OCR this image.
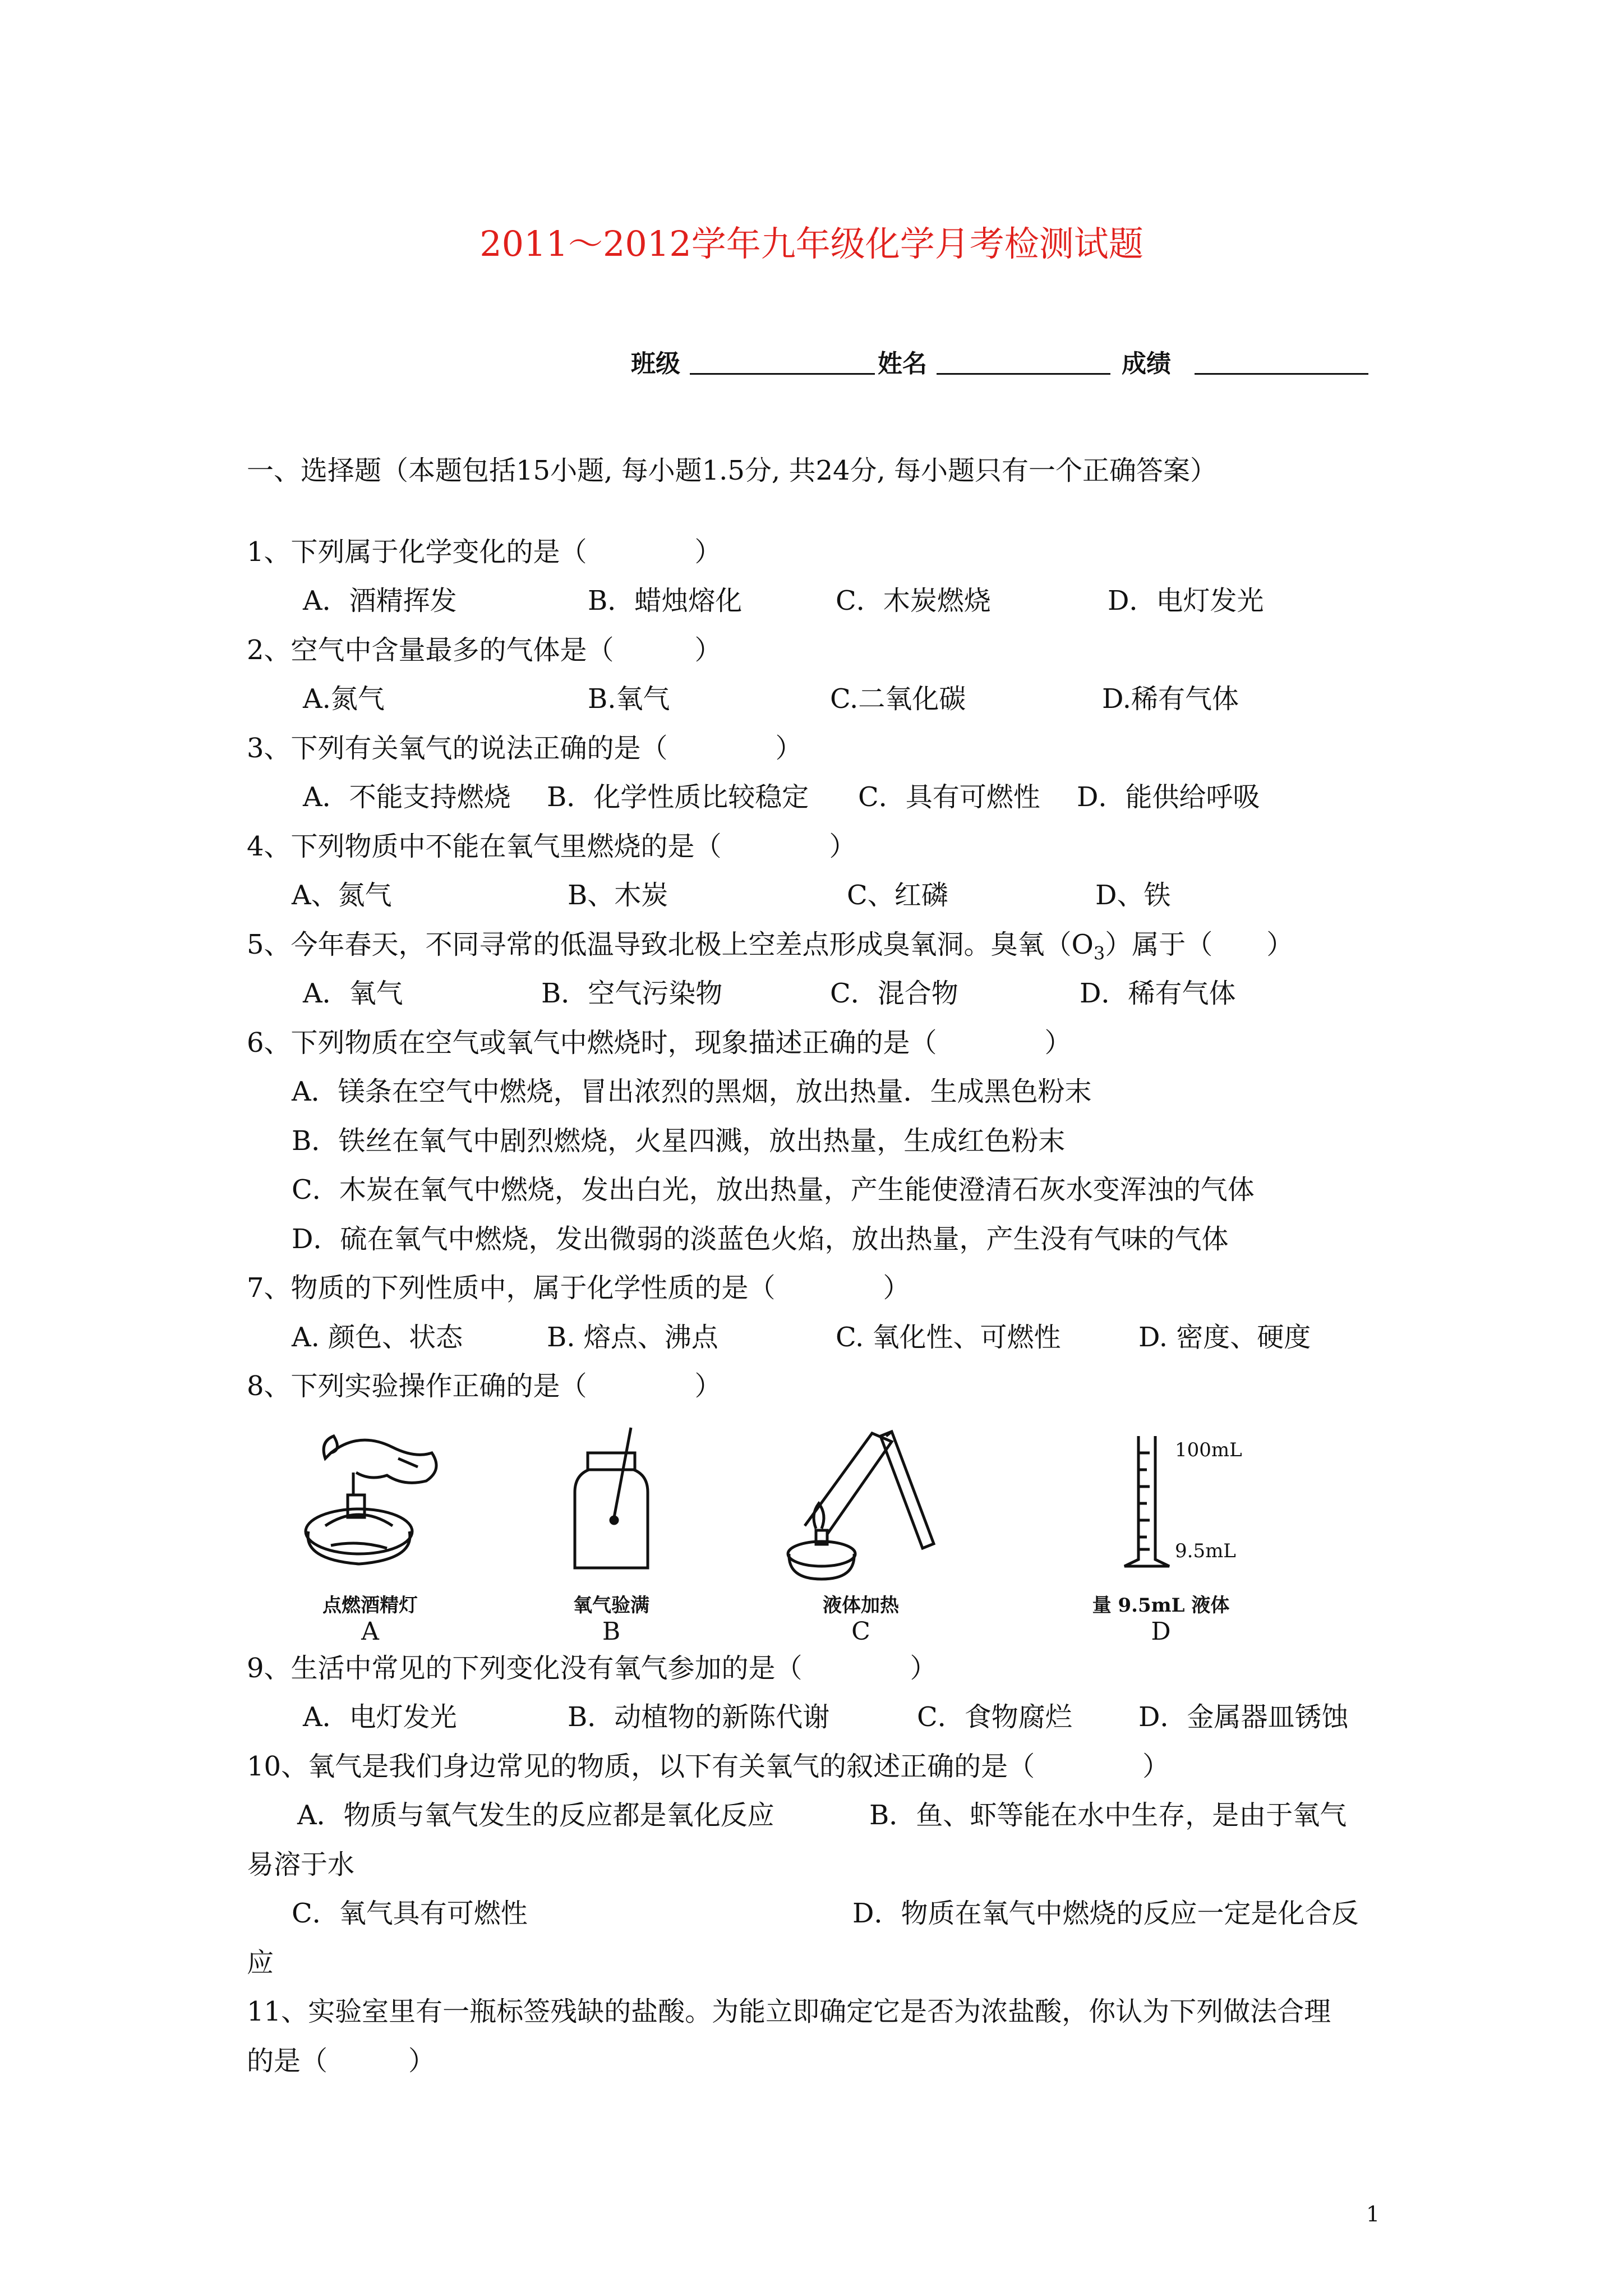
2011～2012学年九年级化学月考检测试题
班级	姓名	成绩
一、选择题（本题包括15小题, 每小题1.5分, 共24分, 每小题只有一个正确答案）
1、下列属于化学变化的是（　　　　）
A．酒精挥发	B．蜡烛熔化	C．木炭燃烧	D．电灯发光
2、空气中含量最多的气体是（　　　）
A.氮气	B.氧气	C.二氧化碳	D.稀有气体
3、下列有关氧气的说法正确的是（　　　　）
A．不能支持燃烧 B．化学性质比较稳定 C．具有可燃性 D．能供给呼吸
4、下列物质中不能在氧气里燃烧的是（　　　　）
A、氮气	B、木炭	C、红磷	D、铁
5、今年春天，不同寻常的低温导致北极上空差点形成臭氧洞。臭氧$(O_3)$属于（　　）
A．氧气	B．空气污染物	C．混合物	D．稀有气体
6、下列物质在空气或氧气中燃烧时，现象描述正确的是（　　　　）
A．镁条在空气中燃烧，冒出浓烈的黑烟，放出热量．生成黑色粉末
B．铁丝在氧气中剧烈燃烧，火星四溅，放出热量，生成红色粉末
C．木炭在氧气中燃烧，发出白光，放出热量，产生能使澄清石灰水变浑浊的气体
D．硫在氧气中燃烧，发出微弱的淡蓝色火焰，放出热量，产生没有气味的气体
7、物质的下列性质中，属于化学性质的是（　　　　）
A. 颜色、状态	B. 熔点、沸点	C. 氧化性、可燃性	D. 密度、硬度
8、下列实验操作正确的是（　　　　）
点燃酒精灯
A
氧气验满
B
液体加热
C
100mL
9.5mL
量 9.5mL 液体
D
9、生活中常见的下列变化没有氧气参加的是（　　　　）
A．电灯发光	B．动植物的新陈代谢	C．食物腐烂 D．金属器皿锈蚀
10、氧气是我们身边常见的物质，以下有关氧气的叙述正确的是（　　　　）
A．物质与氧气发生的反应都是氧化反应	B．鱼、虾等能在水中生存，是由于氧气
易溶于水
C．氧气具有可燃性	D．物质在氧气中燃烧的反应一定是化合反
应
11、实验室里有一瓶标签残缺的盐酸。为能立即确定它是否为浓盐酸，你认为下列做法合理
的是（　　　）
1
